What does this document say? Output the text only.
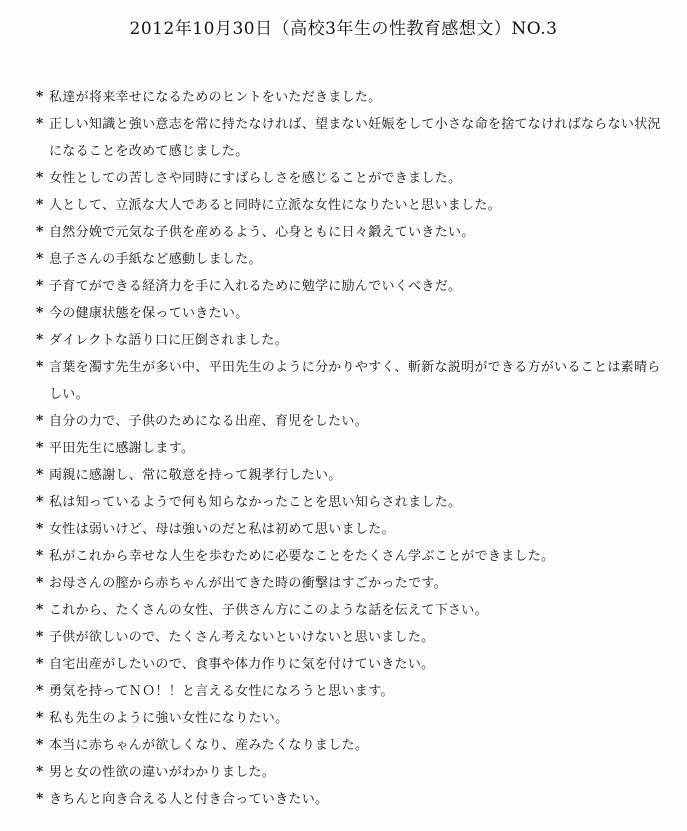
2012年10月30日（高校3年生の性教育感想文）NO.3
* 私達が将来幸せになるためのヒントをいただきました。
* 正しい知識と強い意志を常に持たなければ、望まない妊娠をして小さな命を捨てなければならない状況になることを改めて感じました。
* 女性としての苦しさや同時にすばらしさを感じることができました。
* 人として、立派な大人であると同時に立派な女性になりたいと思いました。
* 自然分娩で元気な子供を産めるよう、心身ともに日々鍛えていきたい。
* 息子さんの手紙など感動しました。
* 子育てができる経済力を手に入れるために勉学に励んでいくべきだ。
* 今の健康状態を保っていきたい。
* ダイレクトな語り口に圧倒されました。
* 言葉を濁す先生が多い中、平田先生のように分かりやすく、斬新な説明ができる方がいることは素晴らしい。
* 自分の力で、子供のためになる出産、育児をしたい。
* 平田先生に感謝します。
* 両親に感謝し、常に敬意を持って親孝行したい。
* 私は知っているようで何も知らなかったことを思い知らされました。
* 女性は弱いけど、母は強いのだと私は初めて思いました。
* 私がこれから幸せな人生を歩むために必要なことをたくさん学ぶことができました。
* お母さんの膣から赤ちゃんが出てきた時の衝撃はすごかったです。
* これから、たくさんの女性、子供さん方にこのような話を伝えて下さい。
* 子供が欲しいので、たくさん考えないといけないと思いました。
* 自宅出産がしたいので、食事や体力作りに気を付けていきたい。
* 勇気を持ってＮＯ！！と言える女性になろうと思います。
* 私も先生のように強い女性になりたい。
* 本当に赤ちゃんが欲しくなり、産みたくなりました。
* 男と女の性欲の違いがわかりました。
* きちんと向き合える人と付き合っていきたい。
